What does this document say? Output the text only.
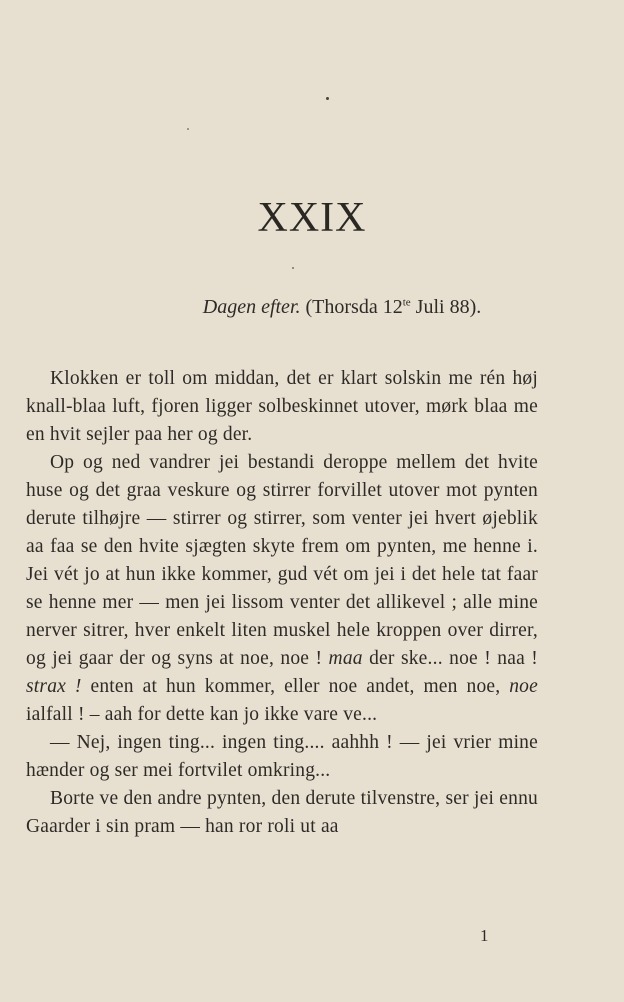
XXIX
Dagen efter. (Thorsda $12^{te}$ Juli 88).

Klokken er toll om middan, det er klart solskin me rén høj knall-blaa luft, fjoren ligger solbeskinnet utover, mørk blaa me en hvit sejler paa her og der.

Op og ned vandrer jei bestandi deroppe mellem det hvite huse og det graa veskure og stirrer forvillet utover mot pynten derute tilhøjre — stirrer og stirrer, som venter jei hvert øjeblik aa faa se den hvite sjægten skyte frem om pynten, me henne i. Jei vét jo at hun ikke kommer, gud vét om jei i det hele tat faar se henne mer — men jei lissom venter det allikevel ; alle mine nerver sitrer, hver enkelt liten muskel hele kroppen over dirrer, og jei gaar der og syns at noe, noe ! maa der ske... noe ! naa ! strax ! enten at hun kommer, eller noe andet, men noe, noe ialfall ! – aah for dette kan jo ikke vare ve...

— Nej, ingen ting... ingen ting.... aahhh ! — jei vrier mine hænder og ser mei fortvilet omkring...

Borte ve den andre pynten, den derute tilvenstre, ser jei ennu Gaarder i sin pram — han ror roli ut aa

1
